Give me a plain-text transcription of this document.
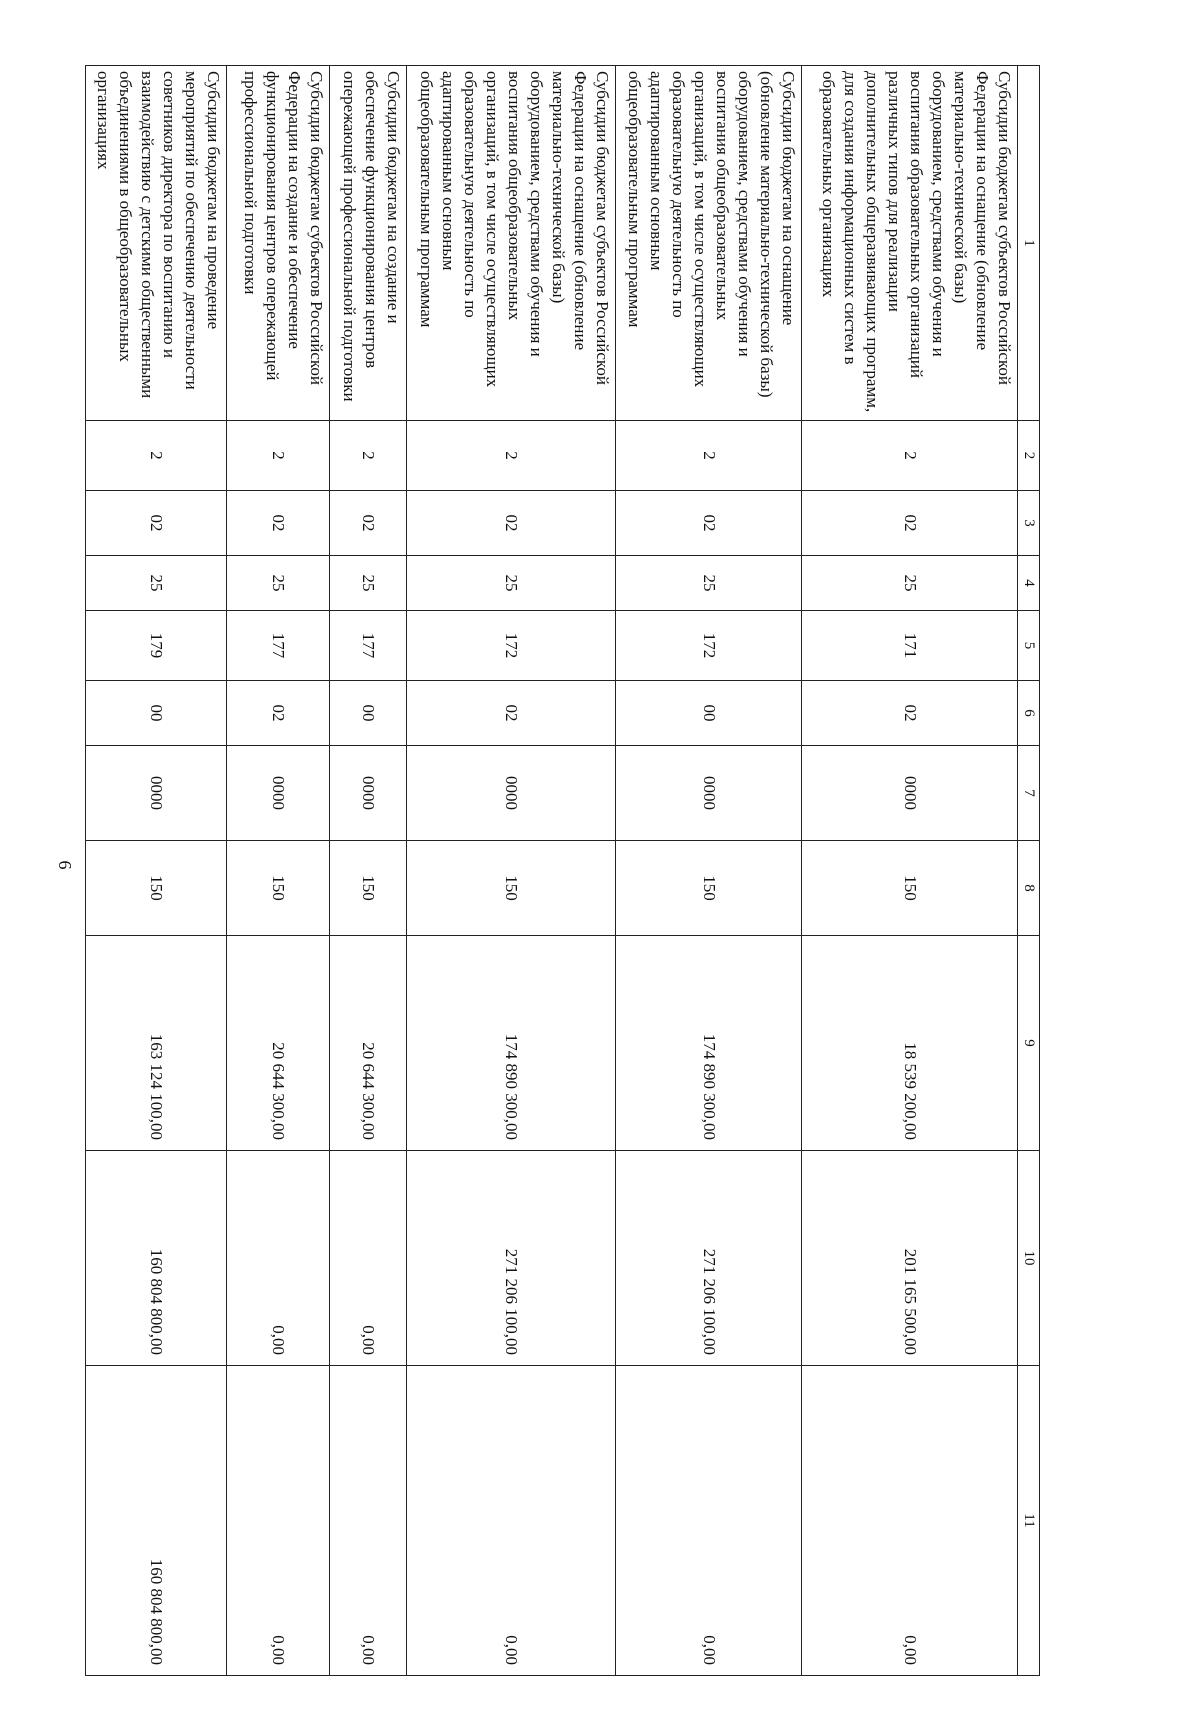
6
1	2	3	4	5	6	7	8	9	10	11
Субсидии бюджетам субъектов Российской Федерации на оснащение (обновление материально-технической базы) оборудованием, средствами обучения и воспитания образовательных организаций различных типов для реализации дополнительных общеразвивающих программ, для создания информационных систем в образовательных организациях	2	02	25	171	02	0000	150	18 539 200,00	201 165 500,00	0,00
Субсидии бюджетам на оснащение (обновление материально-технической базы) оборудованием, средствами обучения и воспитания общеобразовательных организаций, в том числе осуществляющих образовательную деятельность по адаптированным основным общеобразовательным программам	2	02	25	172	00	0000	150	174 890 300,00	271 206 100,00	0,00
Субсидии бюджетам субъектов Российской Федерации на оснащение (обновление материально-технической базы) оборудованием, средствами обучения и воспитания общеобразовательных организаций, в том числе осуществляющих образовательную деятельность по адаптированным основным общеобразовательным программам	2	02	25	172	02	0000	150	174 890 300,00	271 206 100,00	0,00
Субсидии бюджетам на создание и обеспечение функционирования центров опережающей профессиональной подготовки	2	02	25	177	00	0000	150	20 644 300,00	0,00	0,00
Субсидии бюджетам субъектов Российской Федерации на создание и обеспечение функционирования центров опережающей профессиональной подготовки	2	02	25	177	02	0000	150	20 644 300,00	0,00	0,00
Субсидии бюджетам на проведение мероприятий по обеспечению деятельности советников директора по воспитанию и взаимодействию с детскими общественными объединениями в общеобразовательных организациях	2	02	25	179	00	0000	150	163 124 100,00	160 804 800,00	160 804 800,00
